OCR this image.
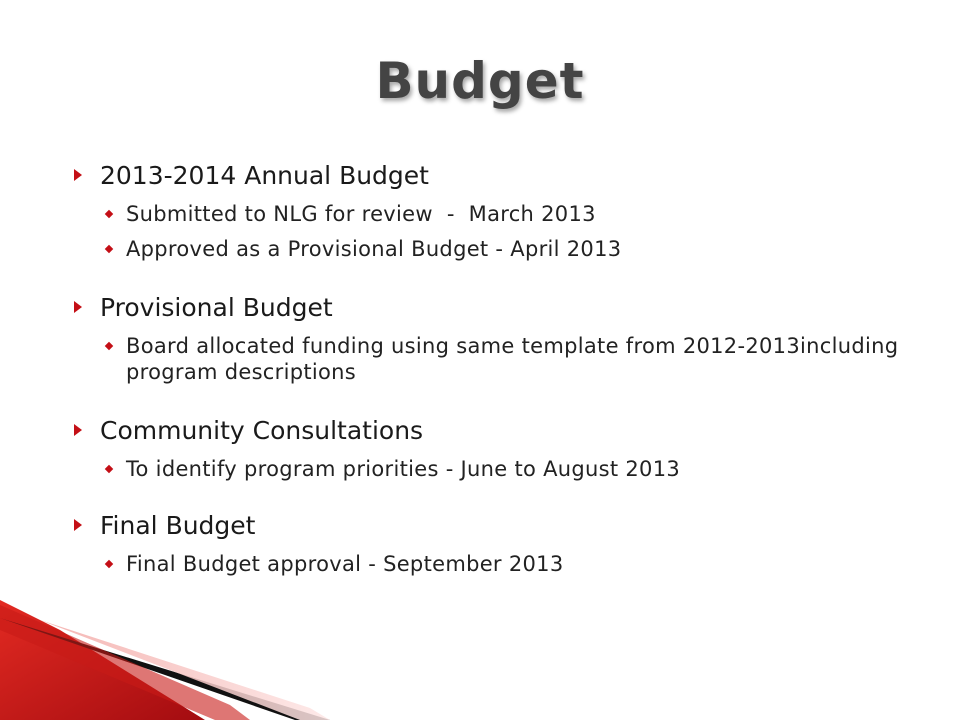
Budget
2013-2014 Annual Budget
Submitted to NLG for review  -  March 2013
Approved as a Provisional Budget - April 2013
Provisional Budget
Board allocated funding using same template from 2012-2013including program descriptions
Community Consultations
To identify program priorities - June to August 2013
Final Budget
Final Budget approval - September 2013
